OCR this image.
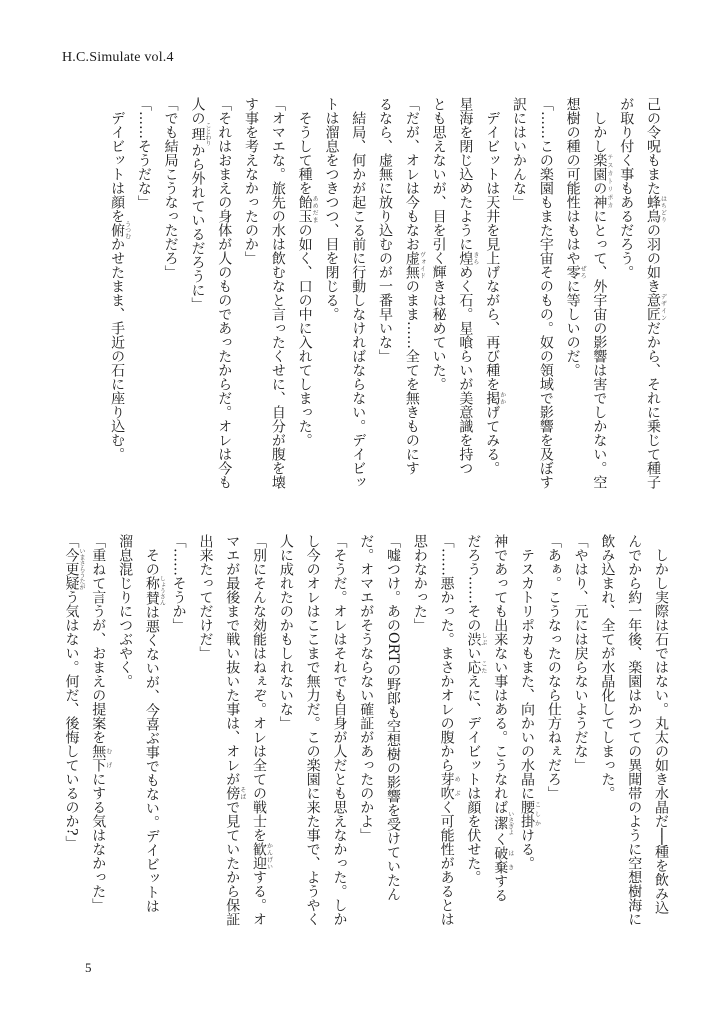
H.C.Simulate vol.4
己の令呪もまた蜂鳥はちどりの羽の如き意匠デザインだから、それに乗じて種子
が取り付く事もあるだろう。
　しかし楽園の神テスカトリポカにとって、外宇宙の影響は害でしかない。空
想樹の種の可能性はもはや零ぜろに等しいのだ。
「……この楽園もまた宇宙そのもの。奴の領域で影響を及ぼす
訳にはいかんな」
　デイビットは天井を見上げながら、再び種を掲かかげてみる。
星海を閉じ込めたように煌きらめく石。星喰らいが美意識を持つ
とも思えないが、目を引く輝きは秘めていた。
「だが、オレは今もなお虚無ヴォイドのまま……全てを無きものにす
るなら、虚無に放り込むのが一番早いな」
　結局、何かが起こる前に行動しなければならない。デイビッ
トは溜息をつきつつ、目を閉じる。
　そうして種を飴玉あめだまの如く、口の中に入れてしまった。
「オマエな。旅先の水は飲むなと言ったくせに、自分が腹を壊
す事を考えなかったのか」
「それはおまえの身体が人のものであったからだ。オレは今も
人の理ことわりから外れているだろうに」
「でも結局こうなっただろ」
「……そうだな」
　デイビットは顔を俯うつむかせたまま、手近の石に座り込む。
　しかし実際は石ではない。丸太の如き水晶だ──種を飲み込
んでから約一年後、楽園はかつての異聞帯のように空想樹海に
飲み込まれ、全てが水晶化してしまった。
「やはり、元には戻らないようだな」
「あぁ。こうなったのなら仕方ねぇだろ」
　テスカトリポカもまた、向かいの水晶に腰掛こしかける。
神であっても出来ない事はある。こうなれば潔いさぎよく破棄はきする
だろう……その渋しぶい応こたえに、デイビットは顔を伏せた。
「……悪かった。まさかオレの腹から芽吹めぶく可能性があるとは
思わなかった」
「嘘つけ。あのORTの野郎も空想樹の影響を受けていたん
だ。オマエがそうならない確証があったのかよ」
「そうだ。オレはそれでも自身が人だとも思えなかった。しか
し今のオレはここまで無力だ。この楽園に来た事で、ようやく
人に成れたのかもしれないな」
「別にそんな効能はねぇぞ。オレは全ての戦士を歓迎かんげいする。オ
マエが最後まで戦い抜いた事は、オレが傍そばで見ていたから保証
出来たってだけだ」
「……そうか」
　その称賛しょうさんは悪くないが、今喜ぶ事でもない。デイビットは
溜息混じりにつぶやく。
「重ねて言うが、おまえの提案を無下むげにする気はなかった」
「今更疑いまさらうたがう気はない。何だ、後悔しているのか?」
5
